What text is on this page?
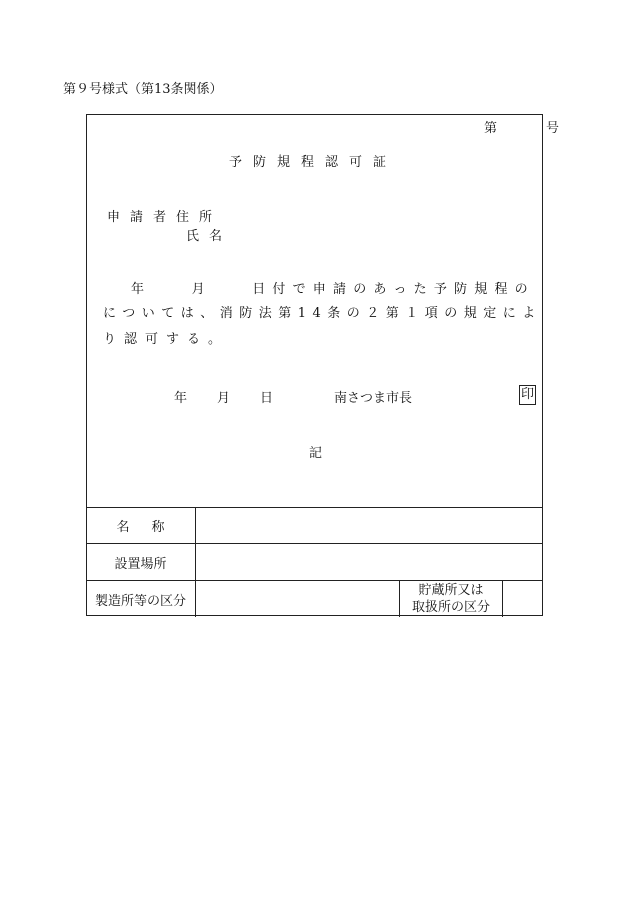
第９号様式（第13条関係）
第　号
予防規程認可証
申請者住所
氏名
年　　月　　日付で申請のあった予防規程の
については、消防法第14条の２第１項の規定によ
り認可する。
年 月 日	南さつま市長	印
記
名称
設置場所
製造所等の区分
貯蔵所又は
取扱所の区分
